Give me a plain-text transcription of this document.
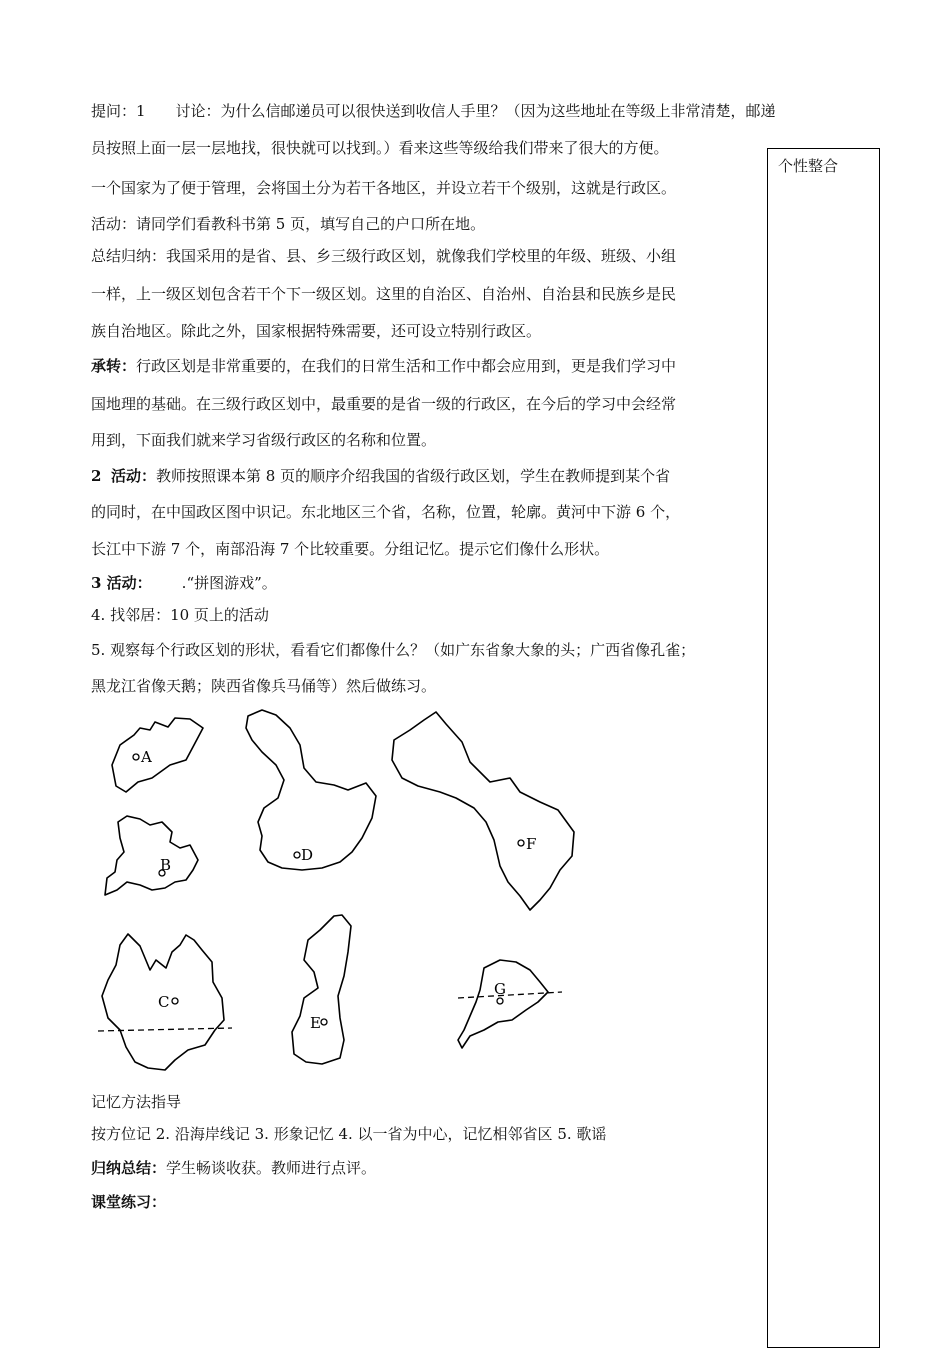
提问：1　　讨论：为什么信邮递员可以很快送到收信人手里？（因为这些地址在等级上非常清楚，邮递
员按照上面一层一层地找，很快就可以找到。）看来这些等级给我们带来了很大的方便。
一个国家为了便于管理，会将国土分为若干各地区，并设立若干个级别，这就是行政区。
活动：请同学们看教科书第 5 页，填写自己的户口所在地。
总结归纳：我国采用的是省、县、乡三级行政区划，就像我们学校里的年级、班级、小组
一样，上一级区划包含若干个下一级区划。这里的自治区、自治州、自治县和民族乡是民
族自治地区。除此之外，国家根据特殊需要，还可设立特别行政区。
承转：行政区划是非常重要的，在我们的日常生活和工作中都会应用到，更是我们学习中
国地理的基础。在三级行政区划中，最重要的是省一级的行政区，在今后的学习中会经常
用到，下面我们就来学习省级行政区的名称和位置。
2 活动：教师按照课本第 8 页的顺序介绍我国的省级行政区划，学生在教师提到某个省
的同时，在中国政区图中识记。东北地区三个省，名称，位置，轮廓。黄河中下游 6 个，
长江中下游 7 个，南部沿海 7 个比较重要。分组记忆。提示它们像什么形状。
3 活动： .“拼图游戏”。
4. 找邻居：10 页上的活动
5. 观察每个行政区划的形状，看看它们都像什么？（如广东省象大象的头；广西省像孔雀；
黑龙江省像天鹅；陕西省像兵马俑等）然后做练习。
记忆方法指导
按方位记 2. 沿海岸线记 3. 形象记忆 4. 以一省为中心，记忆相邻省区 5. 歌谣
归纳总结：学生畅谈收获。教师进行点评。
课堂练习：
个性整合
A
B
C
D
E
F
G
